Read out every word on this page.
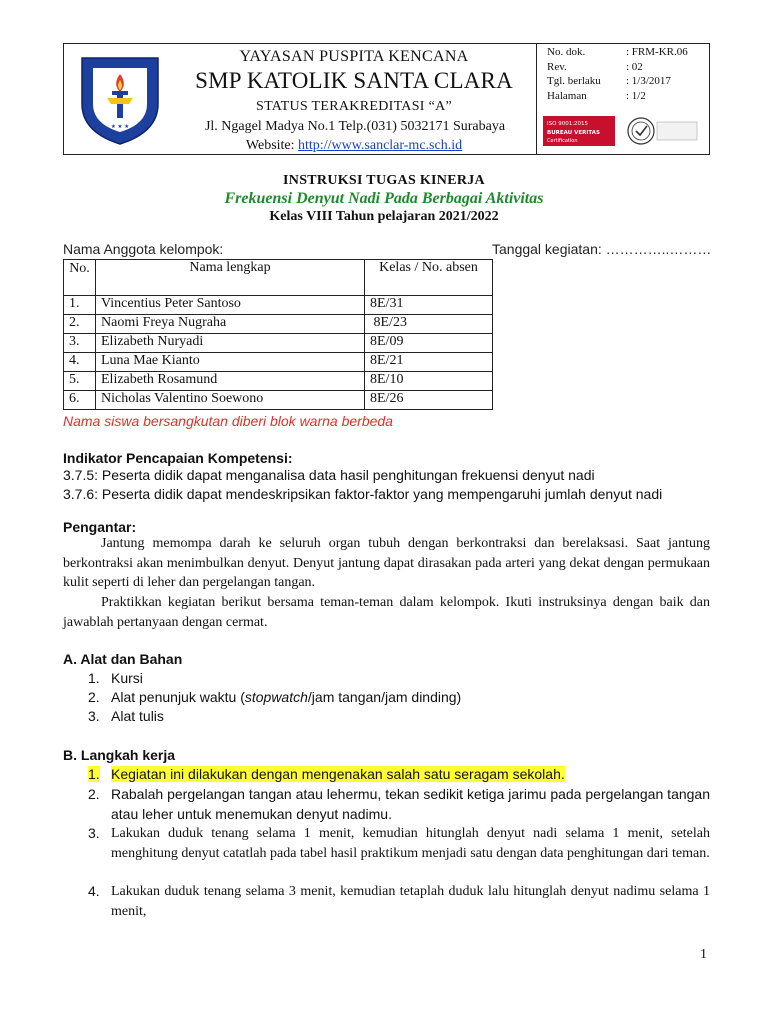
★ ★ ★
YAYASAN PUSPITA KENCANA
SMP KATOLIK SANTA CLARA
STATUS TERAKREDITASI “A”
Jl. Ngagel Madya No.1 Telp.(031) 5032171 Surabaya
Website: http://www.sanclar-mc.sch.id
No. dok.	: FRM-KR.06
Rev.	: 02
Tgl. berlaku	: 1/3/2017
Halaman	: 1/2
ISO 9001:2015
BUREAU VERITAS
Certification
INSTRUKSI TUGAS KINERJA
Frekuensi Denyut Nadi Pada Berbagai Aktivitas
Kelas VIII Tahun pelajaran 2021/2022
Nama Anggota kelompok:	Tanggal kegiatan: …………..………
No.	Nama lengkap	Kelas / No. absen
1.	Vincentius Peter Santoso	8E/31
2.	Naomi Freya Nugraha	8E/23
3.	Elizabeth Nuryadi	8E/09
4.	Luna Mae Kianto	8E/21
5.	Elizabeth Rosamund	8E/10
6.	Nicholas Valentino Soewono	8E/26
Nama siswa bersangkutan diberi blok warna berbeda
Indikator Pencapaian Kompetensi:
3.7.5: Peserta didik dapat menganalisa data hasil penghitungan frekuensi denyut nadi
3.7.6: Peserta didik dapat mendeskripsikan faktor-faktor yang mempengaruhi jumlah denyut nadi
Pengantar:
Jantung memompa darah ke seluruh organ tubuh dengan berkontraksi dan berelaksasi. Saat jantung berkontraksi akan menimbulkan denyut. Denyut jantung dapat dirasakan pada arteri yang dekat dengan permukaan kulit seperti di leher dan pergelangan tangan.
Praktikkan kegiatan berikut bersama teman-teman dalam kelompok. Ikuti instruksinya dengan baik dan jawablah pertanyaan dengan cermat.
A. Alat dan Bahan
1. Kursi
2. Alat penunjuk waktu (stopwatch/jam tangan/jam dinding)
3. Alat tulis
B. Langkah kerja
1. Kegiatan ini dilakukan dengan mengenakan salah satu seragam sekolah.
2. Rabalah pergelangan tangan atau lehermu, tekan sedikit ketiga jarimu pada pergelangan tangan atau leher untuk menemukan denyut nadimu.
3. Lakukan duduk tenang selama 1 menit, kemudian hitunglah denyut nadi selama 1 menit, setelah menghitung denyut catatlah pada tabel hasil praktikum menjadi satu dengan data penghitungan dari teman.
4. Lakukan duduk tenang selama 3 menit, kemudian tetaplah duduk lalu hitunglah denyut nadimu selama 1 menit,
1
